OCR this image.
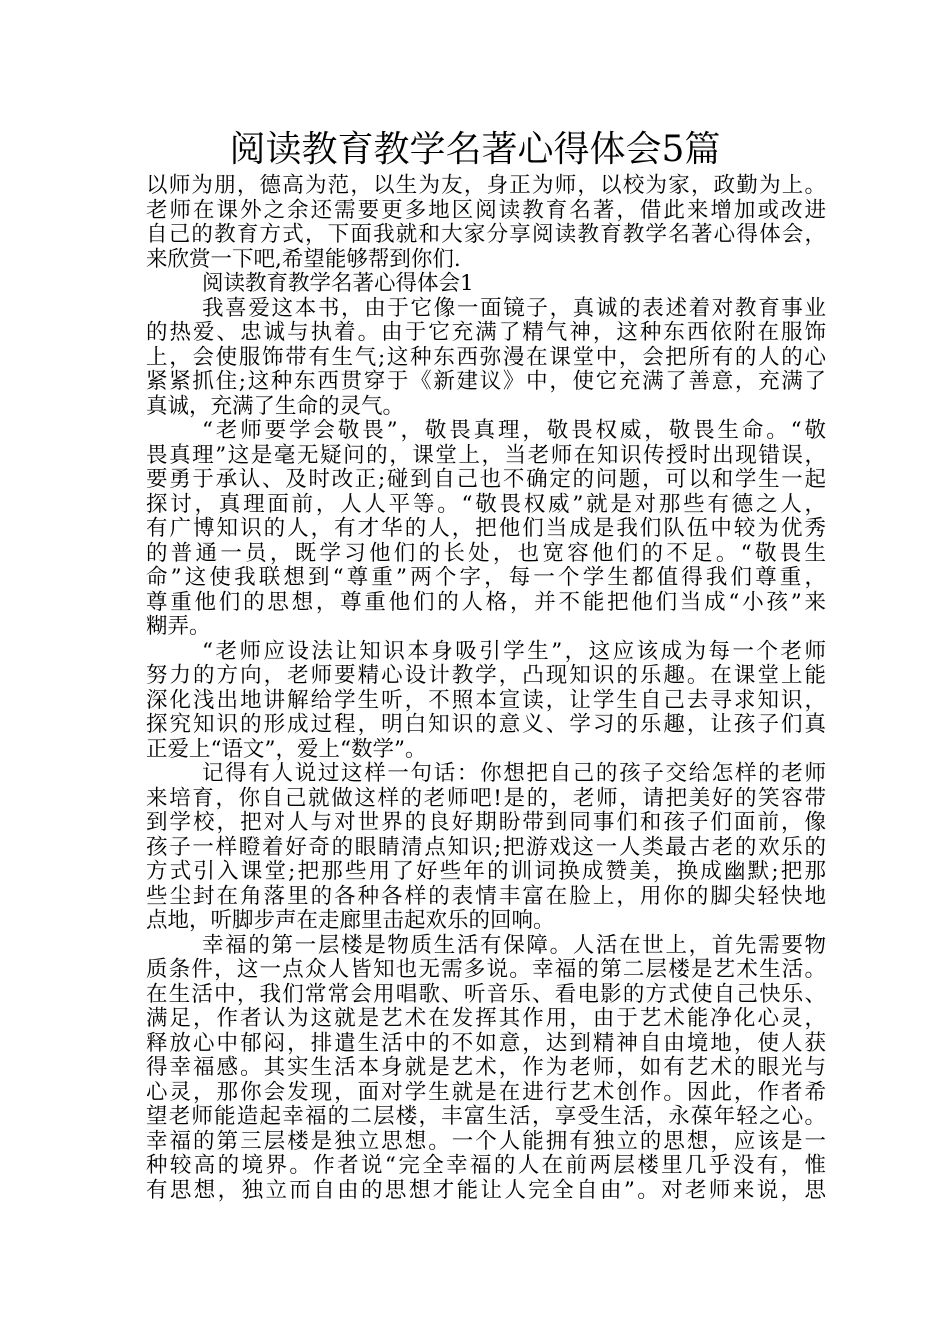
阅读教育教学名著心得体会5篇
以师为朋，德高为范，以生为友，身正为师，以校为家，政勤为上。
老师在课外之余还需要更多地区阅读教育名著，借此来增加或改进
自己的教育方式，下面我就和大家分享阅读教育教学名著心得体会，
来欣赏一下吧,希望能够帮到你们.
阅读教育教学名著心得体会1
我喜爱这本书，由于它像一面镜子，真诚的表述着对教育事业
的热爱、忠诚与执着。由于它充满了精气神，这种东西依附在服饰
上，会使服饰带有生气;这种东西弥漫在课堂中，会把所有的人的心
紧紧抓住;这种东西贯穿于《新建议》中，使它充满了善意，充满了
真诚，充满了生命的灵气。
“老师要学会敬畏”，敬畏真理，敬畏权威，敬畏生命。“敬
畏真理”这是毫无疑问的，课堂上，当老师在知识传授时出现错误，
要勇于承认、及时改正;碰到自己也不确定的问题，可以和学生一起
探讨，真理面前，人人平等。“敬畏权威”就是对那些有德之人，
有广博知识的人，有才华的人，把他们当成是我们队伍中较为优秀
的普通一员，既学习他们的长处，也宽容他们的不足。“敬畏生
命”这使我联想到“尊重”两个字，每一个学生都值得我们尊重，
尊重他们的思想，尊重他们的人格，并不能把他们当成“小孩”来
糊弄。
“老师应设法让知识本身吸引学生”，这应该成为每一个老师
努力的方向，老师要精心设计教学，凸现知识的乐趣。在课堂上能
深化浅出地讲解给学生听，不照本宣读，让学生自己去寻求知识，
探究知识的形成过程，明白知识的意义、学习的乐趣，让孩子们真
正爱上“语文”，爱上“数学”。
记得有人说过这样一句话：你想把自己的孩子交给怎样的老师
来培育，你自己就做这样的老师吧!是的，老师，请把美好的笑容带
到学校，把对人与对世界的良好期盼带到同事们和孩子们面前，像
孩子一样瞪着好奇的眼睛清点知识;把游戏这一人类最古老的欢乐的
方式引入课堂;把那些用了好些年的训词换成赞美，换成幽默;把那
些尘封在角落里的各种各样的表情丰富在脸上，用你的脚尖轻快地
点地，听脚步声在走廊里击起欢乐的回响。
幸福的第一层楼是物质生活有保障。人活在世上，首先需要物
质条件，这一点众人皆知也无需多说。幸福的第二层楼是艺术生活。
在生活中，我们常常会用唱歌、听音乐、看电影的方式使自己快乐、
满足，作者认为这就是艺术在发挥其作用，由于艺术能净化心灵，
释放心中郁闷，排遣生活中的不如意，达到精神自由境地，使人获
得幸福感。其实生活本身就是艺术，作为老师，如有艺术的眼光与
心灵，那你会发现，面对学生就是在进行艺术创作。因此，作者希
望老师能造起幸福的二层楼，丰富生活，享受生活，永葆年轻之心。
幸福的第三层楼是独立思想。一个人能拥有独立的思想，应该是一
种较高的境界。作者说“完全幸福的人在前两层楼里几乎没有，惟
有思想，独立而自由的思想才能让人完全自由”。对老师来说，思
